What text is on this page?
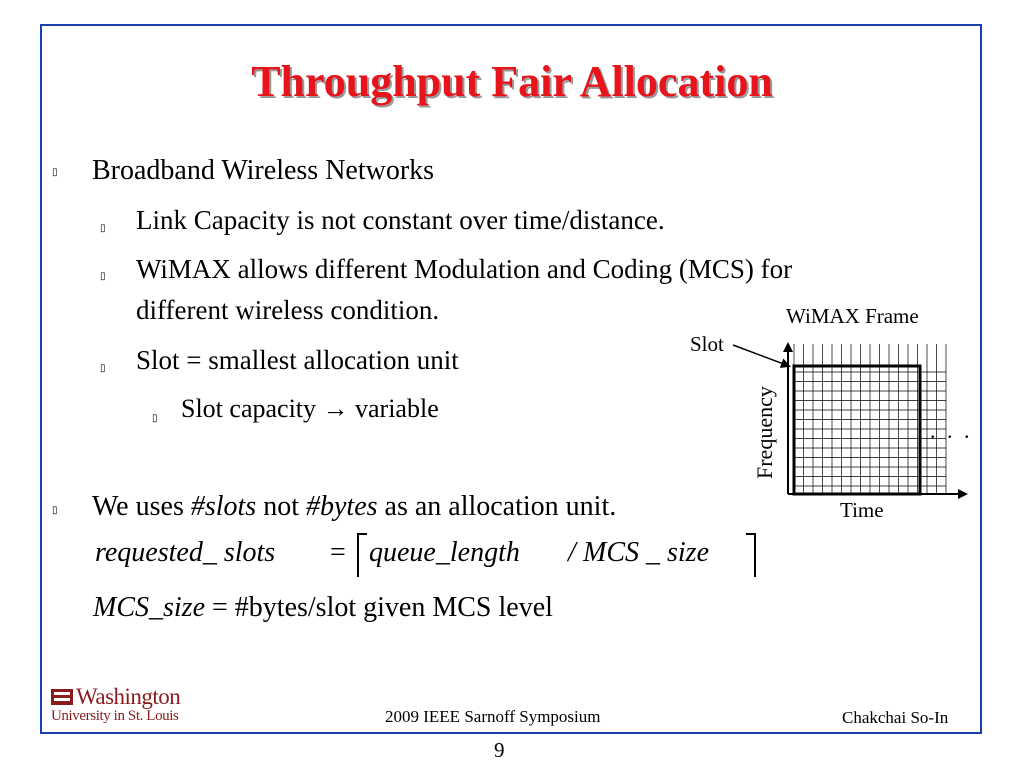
Throughput Fair Allocation
▯ Broadband Wireless Networks
▯ Link Capacity is not constant over time/distance.
▯ WiMAX allows different Modulation and Coding (MCS) for
different wireless condition.
▯ Slot = smallest allocation unit
▯ Slot capacity → variable
▯ We uses #slots not #bytes as an allocation unit.
requested_ slots = queue_length / MCS _ size
MCS_size = #bytes/slot given MCS level
WiMAX Frame
Slot
Time
Frequency	. . .
Washington
University in St. Louis	2009 IEEE Sarnoff Symposium	Chakchai So-In
9
